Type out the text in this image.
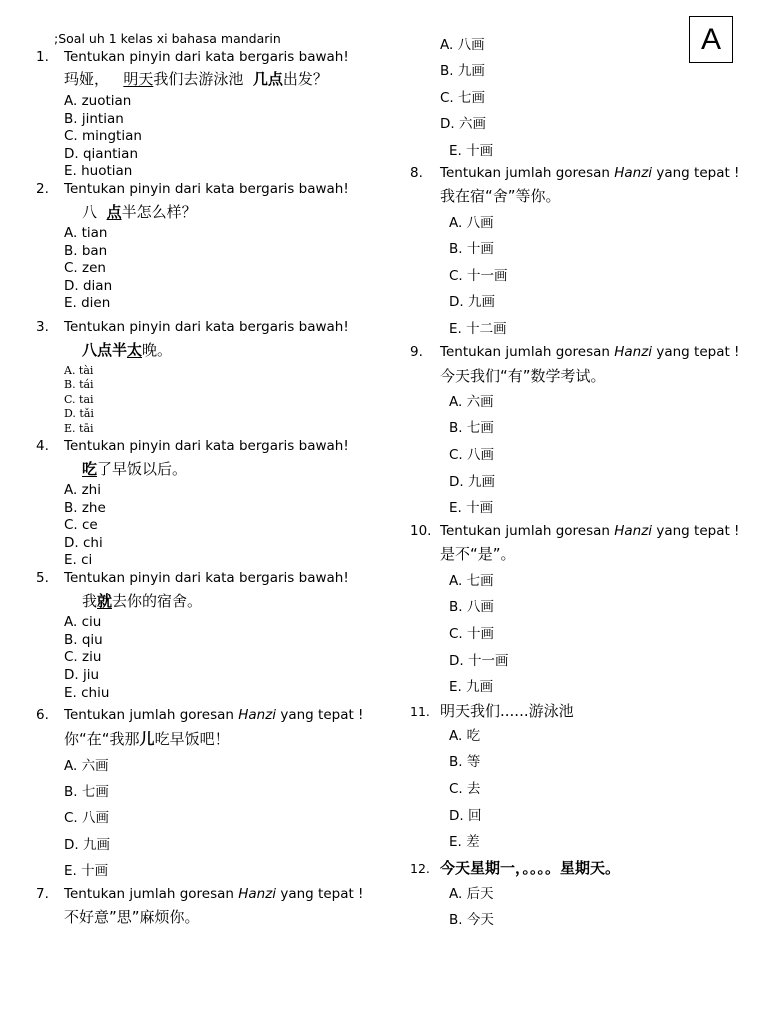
;Soal uh 1 kelas xi bahasa mandarin	A
1. Tentukan pinyin dari kata bergaris bawah!
玛娅， 明天我们去游泳池 几点出发？
A. zuotian
B. jintian
C. mingtian
D. qiantian
E. huotian
2. Tentukan pinyin dari kata bergaris bawah!
八 点半怎么样？
A. tian
B. ban
C. zen
D. dian
E. dien
3. Tentukan pinyin dari kata bergaris bawah!
八点半太晚。
A. tài
B. tái
C. tai
D. tǎi
E. tāi
4. Tentukan pinyin dari kata bergaris bawah!
吃了早饭以后。
A. zhi
B. zhe
C. ce
D. chi
E. ci
5. Tentukan pinyin dari kata bergaris bawah!
我就去你的宿舍。
A. ciu
B. qiu
C. ziu
D. jiu
E. chiu
6. Tentukan jumlah goresan Hanzi yang tepat !
你“在“我那儿吃早饭吧！
A. 六画
B. 七画
C. 八画
D. 九画
E. 十画
7. Tentukan jumlah goresan Hanzi yang tepat !
不好意”思”麻烦你。
A. 八画
B. 九画
C. 七画
D. 六画
E. 十画
8. Tentukan jumlah goresan Hanzi yang tepat !
我在宿“舍”等你。
A. 八画
B. 十画
C. 十一画
D. 九画
E. 十二画
9. Tentukan jumlah goresan Hanzi yang tepat !
今天我们“有”数学考试。
A. 六画
B. 七画
C. 八画
D. 九画
E. 十画
10. Tentukan jumlah goresan Hanzi yang tepat !
是不“是”。
A. 七画
B. 八画
C. 十画
D. 十一画
E. 九画
11. 明天我们......游泳池
A. 吃
B. 等
C. 去
D. 回
E. 差
12. 今天星期一，。。。。星期天。
A. 后天
B. 今天
